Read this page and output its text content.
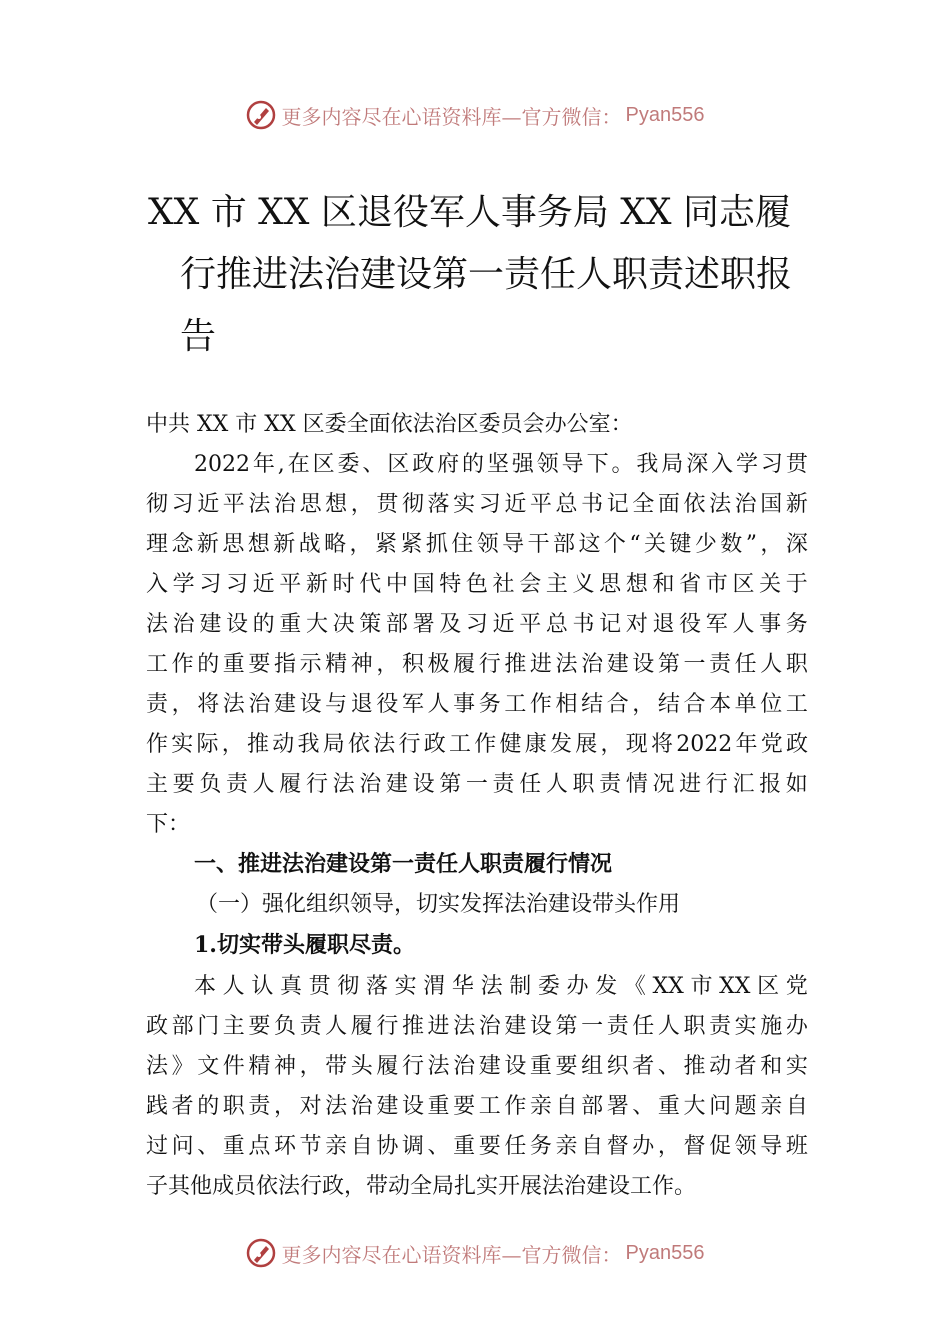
更多内容尽在心语资料库—官方微信： Pyan556
XX 市 XX 区退役军人事务局 XX 同志履
行推进法治建设第一责任人职责述职报
告
中共 XX 市 XX 区委全面依法治区委员会办公室：
2022 年 , 在 区 委 、 区 政 府 的 坚 强 领 导 下 。 我 局 深 入 学 习 贯
彻 习 近 平 法 治 思 想 ， 贯 彻 落 实 习 近 平 总 书 记 全 面 依 法 治 国 新
理 念 新 思 想 新 战 略 ， 紧 紧 抓 住 领 导 干 部 这 个 “ 关 键 少 数 ” ， 深
入 学 习 习 近 平 新 时 代 中 国 特 色 社 会 主 义 思 想 和 省 市 区 关 于
法 治 建 设 的 重 大 决 策 部 署 及 习 近 平 总 书 记 对 退 役 军 人 事 务
工 作 的 重 要 指 示 精 神 ， 积 极 履 行 推 进 法 治 建 设 第 一 责 任 人 职
责 ， 将 法 治 建 设 与 退 役 军 人 事 务 工 作 相 结 合 ， 结 合 本 单 位 工
作 实 际 ， 推 动 我 局 依 法 行 政 工 作 健 康 发 展 ， 现 将 2022 年 党 政
主 要 负 责 人 履 行 法 治 建 设 第 一 责 任 人 职 责 情 况 进 行 汇 报 如
下：
一、推进法治建设第一责任人职责履行情况
（一）强化组织领导，切实发挥法治建设带头作用
1.切实带头履职尽责。
本 人 认 真 贯 彻 落 实 渭 华 法 制 委 办 发 《 XX 市 XX 区 党
政 部 门 主 要 负 责 人 履 行 推 进 法 治 建 设 第 一 责 任 人 职 责 实 施 办
法 》 文 件 精 神 ， 带 头 履 行 法 治 建 设 重 要 组 织 者 、 推 动 者 和 实
践 者 的 职 责 ， 对 法 治 建 设 重 要 工 作 亲 自 部 署 、 重 大 问 题 亲 自
过 问 、 重 点 环 节 亲 自 协 调 、 重 要 任 务 亲 自 督 办 ， 督 促 领 导 班
子其他成员依法行政，带动全局扎实开展法治建设工作。
更多内容尽在心语资料库—官方微信： Pyan556
